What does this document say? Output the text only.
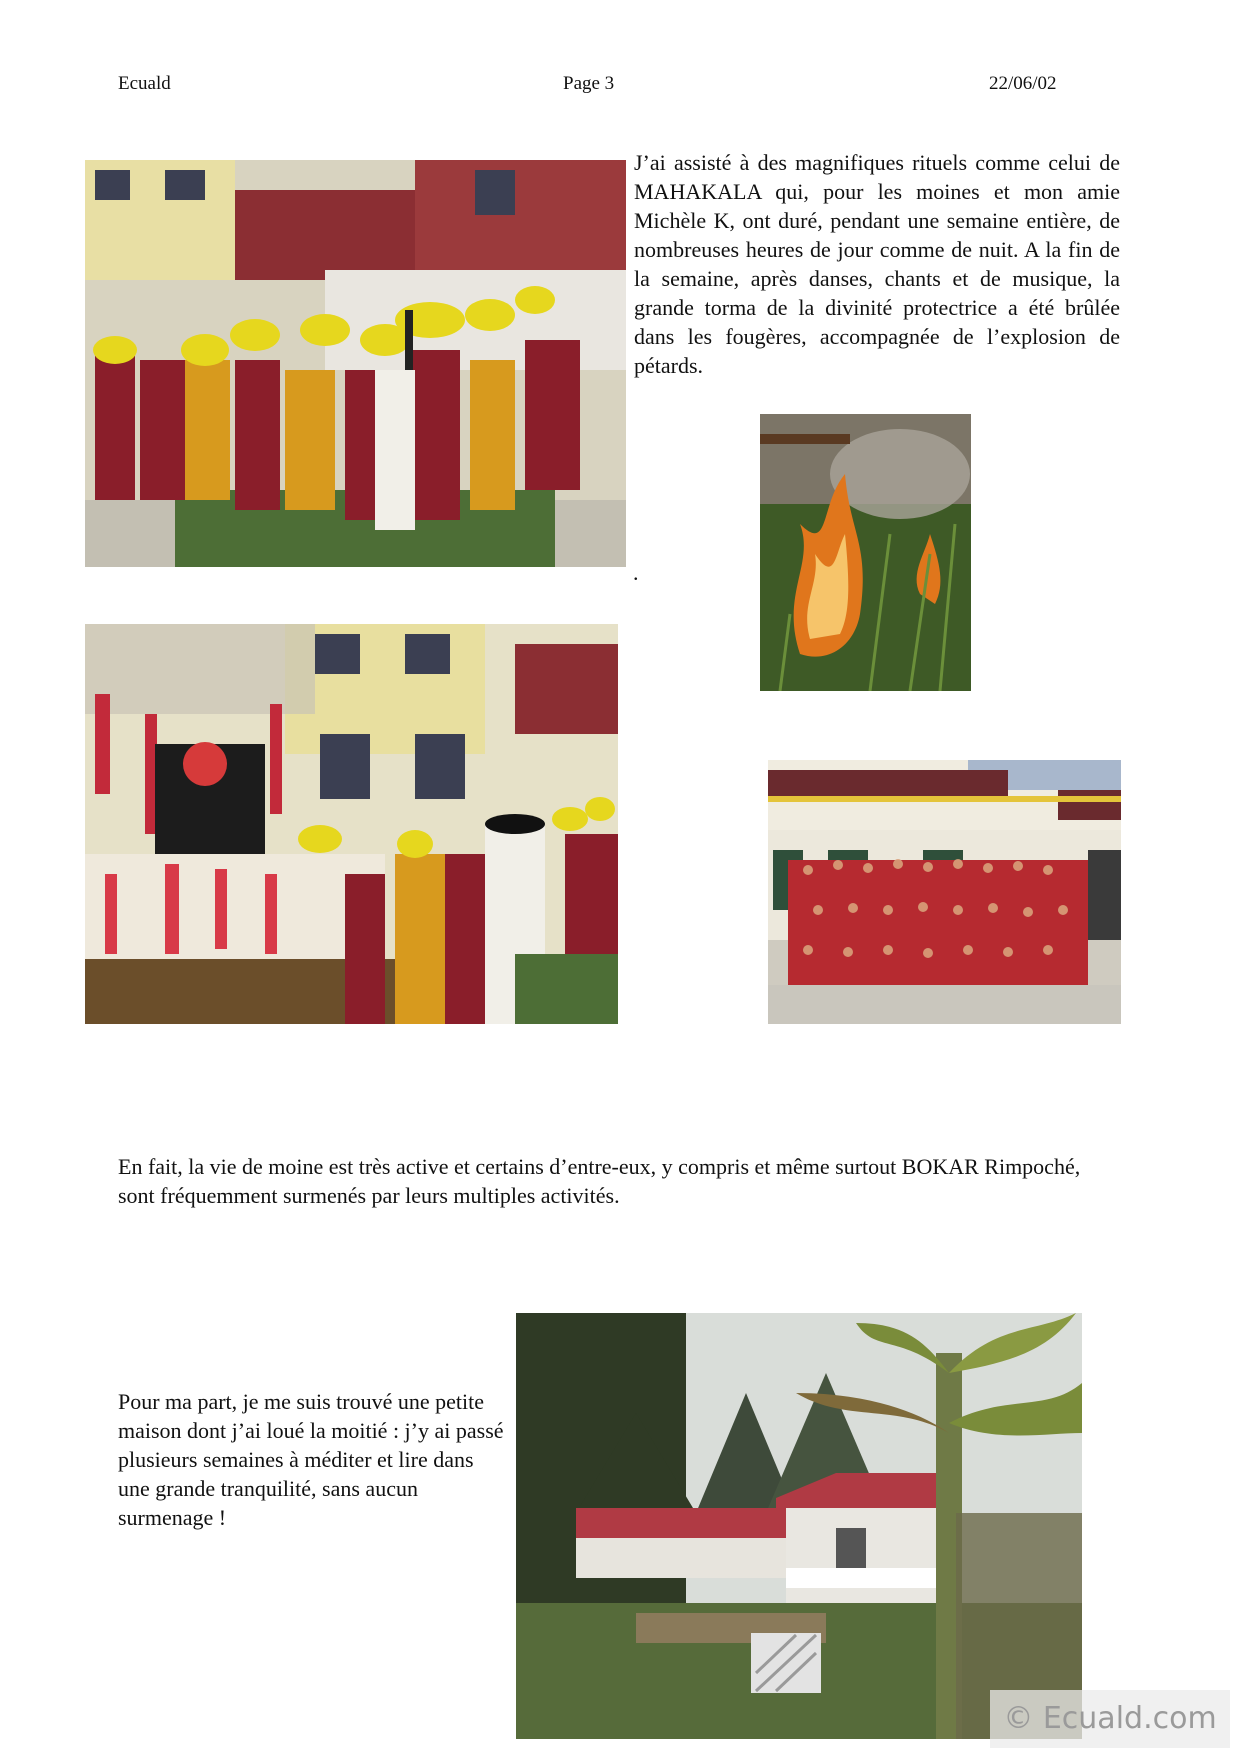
Ecuald	Page 3	22/06/02
J’ai assisté à des magnifiques rituels comme celui de MAHAKALA qui, pour les moines et mon amie Michèle K, ont duré, pendant une semaine entière, de nombreuses heures de jour comme de nuit. A la fin de la semaine, après danses, chants et de musique, la grande torma de la divinité protectrice a été brûlée dans les fougères, accompagnée de l’explosion de pétards.
.
En fait, la vie de moine est très active et certains d’entre-eux, y compris et même surtout BOKAR Rimpoché, sont fréquemment surmenés par leurs multiples activités.
Pour ma part, je me suis trouvé une petite maison dont j’ai loué la moitié : j’y ai passé plusieurs semaines à méditer et lire dans une grande tranquilité, sans aucun surmenage !
© Ecuald.com
